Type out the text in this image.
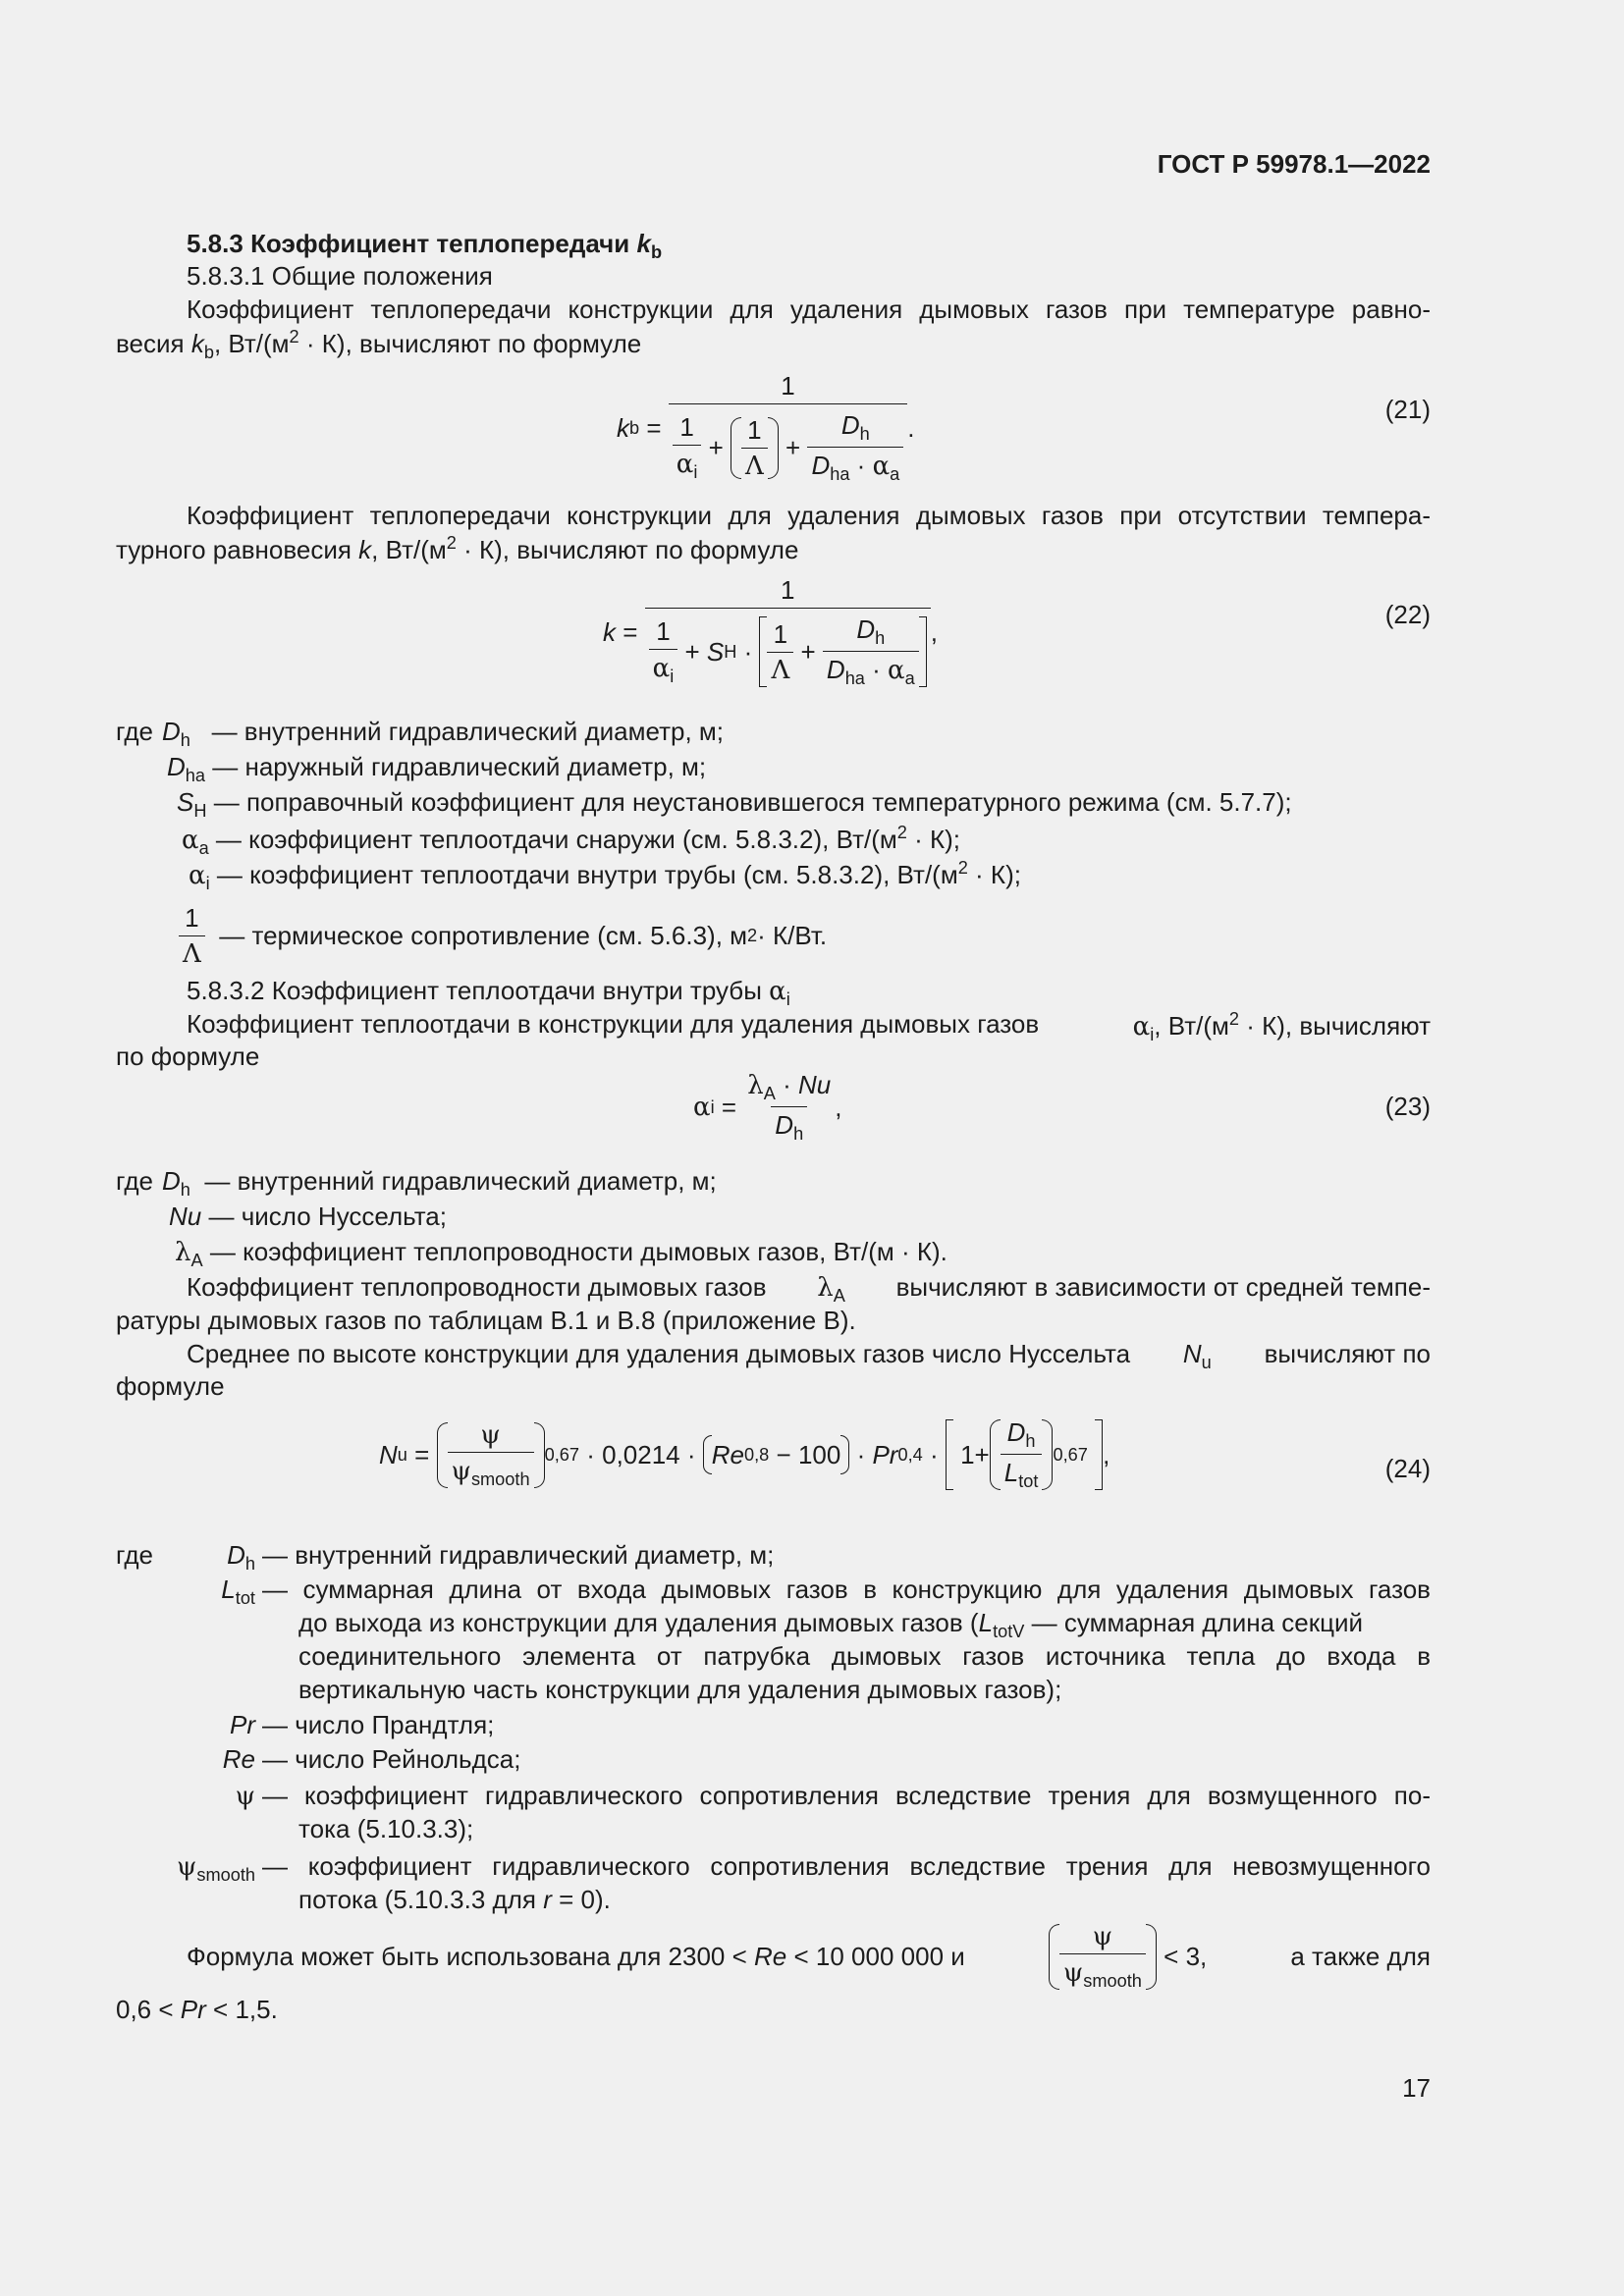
ГОСТ Р 59978.1—2022
5.8.3 Коэффициент теплопередачи $k_b$
5.8.3.1 Общие положения
Коэффициент теплопередачи конструкции для удаления дымовых газов при температуре равно-
весия $k_b$, $Вт/(м^2 \cdot К)$, вычисляют по формуле
k b =
1
1
$\alpha_i$
+
1
Λ
+
$D_h$
$D_{ha} \cdot \alpha_a$
.
(21)
Коэффициент теплопередачи конструкции для удаления дымовых газов при отсутствии темпера-
турного равновесия k, $Вт/(м^2 \cdot К)$, вычисляют по формуле
k =
1
1
$\alpha_i$
+ S H ·
1
Λ
+
$D_h$
$D_{ha} \cdot \alpha_a$
,
(22)
где $D_h$ — внутренний гидравлический диаметр, м;
$D_{ha}$ — наружный гидравлический диаметр, м;
$S_H$ — поправочный коэффициент для неустановившегося температурного режима (см. 5.7.7);
$\alpha_a$ — коэффициент теплоотдачи снаружи (см. 5.8.3.2), $Вт/(м^2 \cdot К)$;
$\alpha_i$ — коэффициент теплоотдачи внутри трубы (см. 5.8.3.2), $Вт/(м^2 \cdot К)$;
1
Λ

— термическое сопротивление (см. 5.6.3), м 2 · К/Вт.
5.8.3.2 Коэффициент теплоотдачи внутри трубы $\alpha_i$
Коэффициент теплоотдачи в конструкции для удаления дымовых газов	$\alpha_i$, $Вт/(м^2 \cdot К)$, вычисляют
по формуле
α i =
$\lambda_A \cdot Nu$
$D_h$
,	(23)
где $D_h$ — внутренний гидравлический диаметр, м;
Nu — число Нуссельта;
$\lambda_A$ — коэффициент теплопроводности дымовых газов, Вт/(м · К).
Коэффициент теплопроводности дымовых газов $\lambda_A$ вычисляют в зависимости от средней темпе-
ратуры дымовых газов по таблицам В.1 и В.8 (приложение В).
Среднее по высоте конструкции для удаления дымовых газов число Нуссельта $N_u$ вычисляют по
формуле
N u =
ψ
$\psi_{smooth}$
0,67
· 0,0214 ·
Re 0,8
− 100 · Pr 0,4 ·
1+
$D_h$
$L_{tot}$
0,67
,	(24)
где	$D_h$ — внутренний гидравлический диаметр, м;
$L_{tot}$ — суммарная длина от входа дымовых газов в конструкцию для удаления дымовых газов
до выхода из конструкции для удаления дымовых газов ($L_{totV}$ — суммарная длина секций
соединительного элемента от патрубка дымовых газов источника тепла до входа в
вертикальную часть конструкции для удаления дымовых газов);
Pr — число Прандтля;
Re — число Рейнольдса;
ψ — коэффициент гидравлического сопротивления вследствие трения для возмущенного по-
тока (5.10.3.3);
$\psi_{smooth}$ — коэффициент гидравлического сопротивления вследствие трения для невозмущенного
потока (5.10.3.3 для r = 0).
Формула может быть использована для 2300 < Re < 10 000 000 и
ψ
$\psi_{smooth}$

< 3,	а также для
0,6 < Pr < 1,5.
17
